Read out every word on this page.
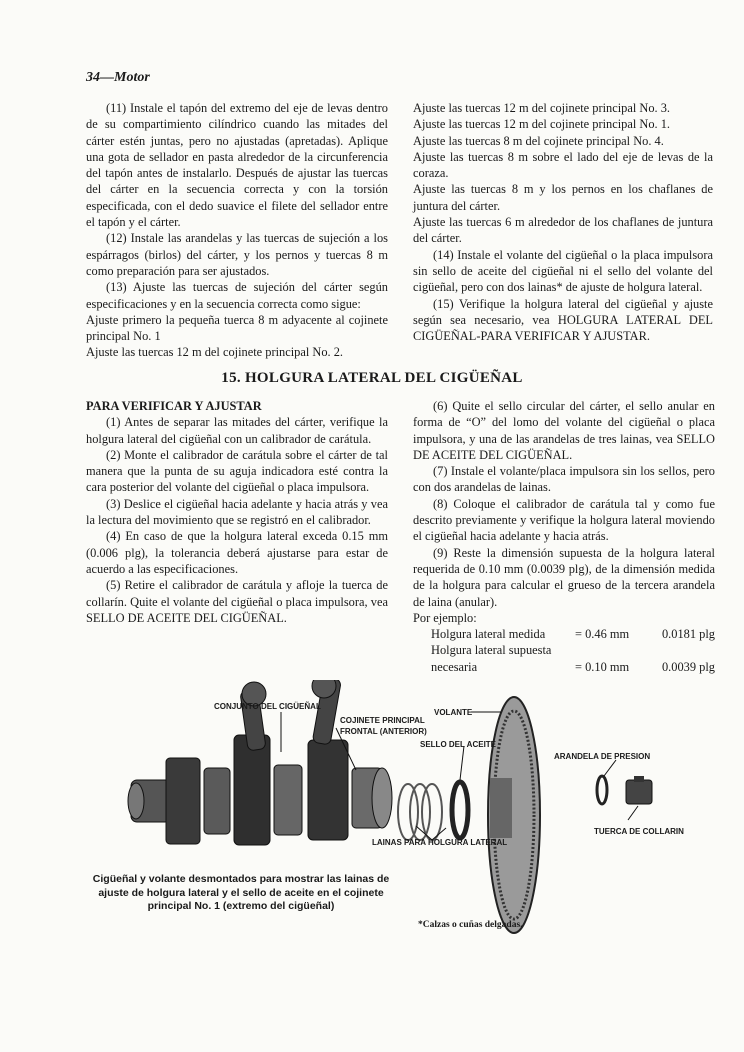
34—Motor

(11) Instale el tapón del extremo del eje de levas dentro de su compartimiento cilíndrico cuando las mitades del cárter estén juntas, pero no ajustadas (apretadas). Aplique una gota de sellador en pasta alrededor de la circunferencia del tapón antes de instalarlo. Después de ajustar las tuercas del cárter en la secuencia correcta y con la torsión especificada, con el dedo suavice el filete del sellador entre el tapón y el cárter.

(12) Instale las arandelas y las tuercas de sujeción a los espárragos (birlos) del cárter, y los pernos y tuercas 8 m como preparación para ser ajustados.

(13) Ajuste las tuercas de sujeción del cárter según especificaciones y en la secuencia correcta como sigue:

Ajuste primero la pequeña tuerca 8 m adyacente al cojinete principal No. 1

Ajuste las tuercas 12 m del cojinete principal No. 2.

Ajuste las tuercas 12 m del cojinete principal No. 3.

Ajuste las tuercas 12 m del cojinete principal No. 1.

Ajuste las tuercas 8 m del cojinete principal No. 4.

Ajuste las tuercas 8 m sobre el lado del eje de levas de la coraza.

Ajuste las tuercas 8 m y los pernos en los chaflanes de juntura del cárter.

Ajuste las tuercas 6 m alrededor de los chaflanes de juntura del cárter.

(14) Instale el volante del cigüeñal o la placa impulsora sin sello de aceite del cigüeñal ni el sello del volante del cigüeñal, pero con dos lainas* de ajuste de holgura lateral.

(15) Verifique la holgura lateral del cigüeñal y ajuste según sea necesario, vea HOLGURA LATERAL DEL CIGÜEÑAL-PARA VERIFICAR Y AJUSTAR.

15. HOLGURA LATERAL DEL CIGÜEÑAL

PARA VERIFICAR Y AJUSTAR

(1) Antes de separar las mitades del cárter, verifique la holgura lateral del cigüeñal con un calibrador de carátula.

(2) Monte el calibrador de carátula sobre el cárter de tal manera que la punta de su aguja indicadora esté contra la cara posterior del volante del cigüeñal o placa impulsora.

(3) Deslice el cigüeñal hacia adelante y hacia atrás y vea la lectura del movimiento que se registró en el calibrador.

(4) En caso de que la holgura lateral exceda 0.15 mm (0.006 plg), la tolerancia deberá ajustarse para estar de acuerdo a las especificaciones.

(5) Retire el calibrador de carátula y afloje la tuerca de collarín. Quite el volante del cigüeñal o placa impulsora, vea SELLO DE ACEITE DEL CIGÜEÑAL.

(6) Quite el sello circular del cárter, el sello anular en forma de “O” del lomo del volante del cigüeñal o placa impulsora, y una de las arandelas de tres lainas, vea SELLO DE ACEITE DEL CIGÜEÑAL.

(7) Instale el volante/placa impulsora sin los sellos, pero con dos arandelas de lainas.

(8) Coloque el calibrador de carátula tal y como fue descrito previamente y verifique la holgura lateral moviendo el cigüeñal hacia adelante y hacia atrás.

(9) Reste la dimensión supuesta de la holgura lateral requerida de 0.10 mm (0.0039 plg), de la dimensión medida de la holgura para calcular el grueso de la tercera arandela de laina (anular).

Por ejemplo:

Holgura lateral medida	= 0.46 mm	0.0181 plg
Holgura lateral supuesta		
necesaria	= 0.10 mm	0.0039 plg
CONJUNTO DEL CIGÜEÑAL
COJINETE PRINCIPAL
FRONTAL (ANTERIOR)
VOLANTE
SELLO DEL ACEITE
LAINAS PARA HOLGURA LATERAL
ARANDELA DE PRESION
TUERCA DE COLLARIN
Cigüeñal y volante desmontados para mostrar las lainas de ajuste de holgura lateral y el sello de aceite en el cojinete principal No. 1 (extremo del cigüeñal)
*Calzas o cuñas delgadas.
